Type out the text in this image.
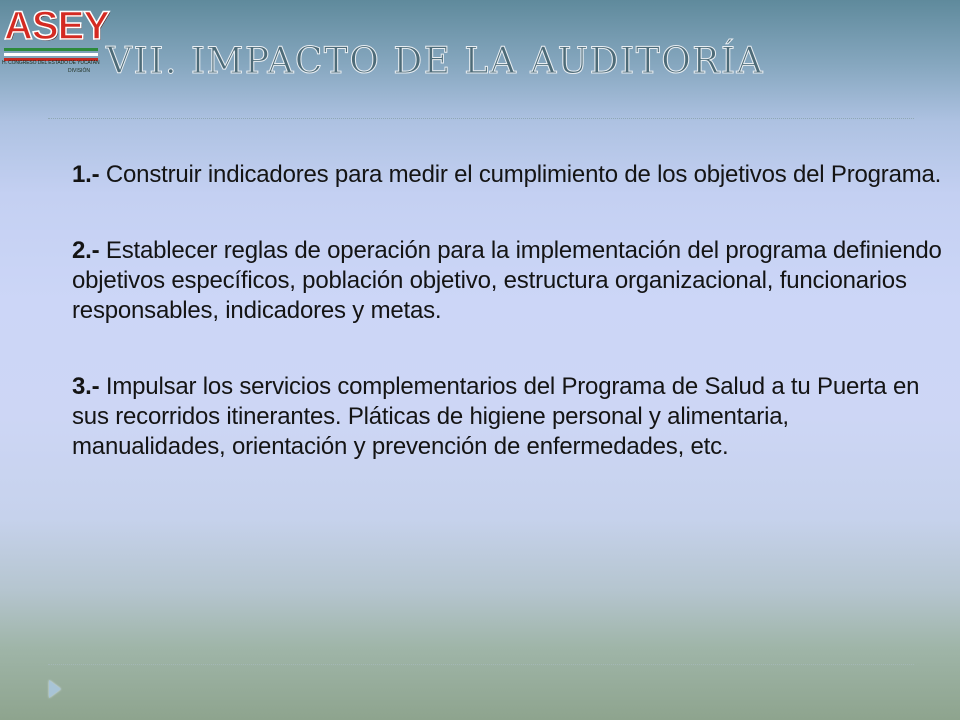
ASEY
H. CONGRESO DEL ESTADO DE YUCATAN
DIVISIÓN VII. IMPACTO DE LA AUDITORÍA

1.- Construir indicadores para medir el cumplimiento de los objetivos del Programa.

2.- Establecer reglas de operación para la implementación del programa definiendo objetivos específicos, población objetivo, estructura organizacional, funcionarios responsables, indicadores y metas.

3.- Impulsar los servicios complementarios del Programa de Salud a tu Puerta en sus recorridos itinerantes. Pláticas de higiene personal y alimentaria, manualidades, orientación y prevención de enfermedades, etc.
